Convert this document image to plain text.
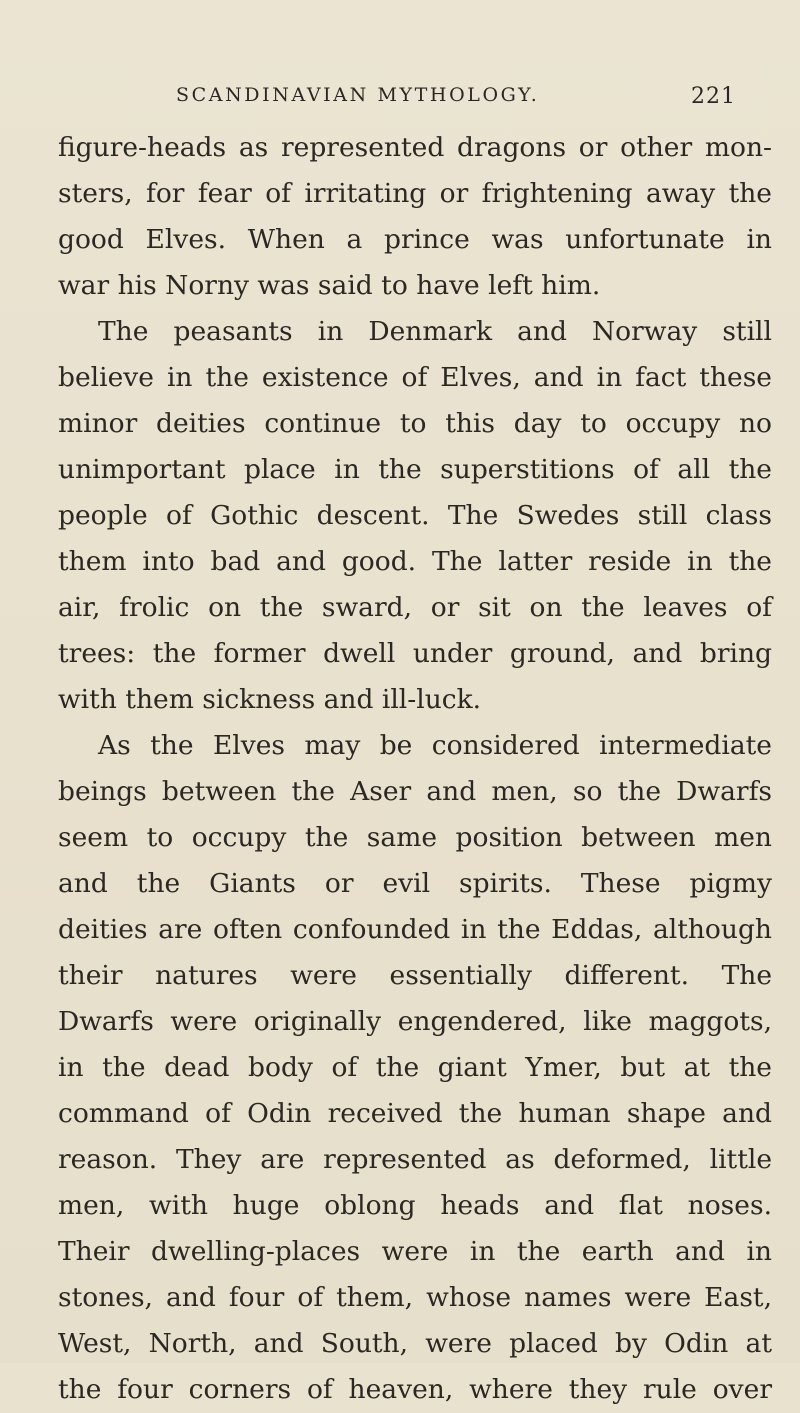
SCANDINAVIAN MYTHOLOGY.	221
figure-heads as represented dragons or other mon-
sters, for fear of irritating or frightening away the
good Elves. When a prince was unfortunate in
war his Norny was said to have left him.
The peasants in Denmark and Norway still
believe in the existence of Elves, and in fact these
minor deities continue to this day to occupy no
unimportant place in the superstitions of all the
people of Gothic descent. The Swedes still class
them into bad and good. The latter reside in the
air, frolic on the sward, or sit on the leaves of
trees: the former dwell under ground, and bring
with them sickness and ill-luck.
As the Elves may be considered intermediate
beings between the Aser and men, so the Dwarfs
seem to occupy the same position between men
and the Giants or evil spirits. These pigmy
deities are often confounded in the Eddas, although
their natures were essentially different. The
Dwarfs were originally engendered, like maggots,
in the dead body of the giant Ymer, but at the
command of Odin received the human shape and
reason. They are represented as deformed, little
men, with huge oblong heads and flat noses.
Their dwelling-places were in the earth and in
stones, and four of them, whose names were East,
West, North, and South, were placed by Odin at
the four corners of heaven, where they rule over
